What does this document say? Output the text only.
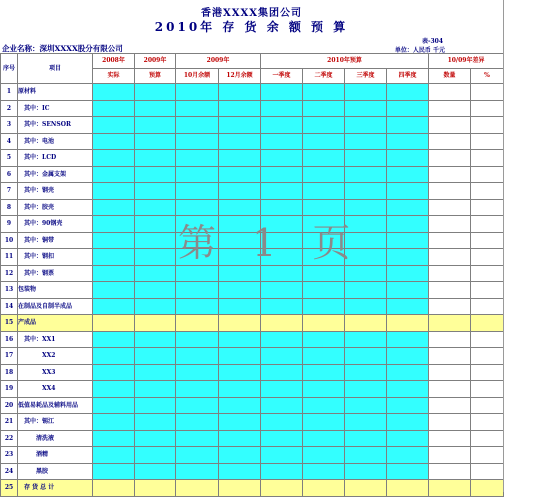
香港XXXX集团公司
2010年 存 货 余 额 预 算
表-304
企业名称：深圳XXXX股分有限公司	单位：人民币 千元
序号	项目	2008年	2009年	2009年		2010年预算				10/09年差异	
		实际	预算	10月余额	12月余额	一季度	二季度	三季度	四季度	数量	%
1	原材料										
2	　其中：IC										
3	　其中：SENSOR										
4	　其中：电池										
5	　其中：LCD										
6	　其中：金属支架										
7	　其中：钢壳										
8	　其中：胶壳										
9	　其中：90钢壳										
10	　其中：铜带										
11	　其中：钢扣										
12	　其中：钢票										
13	包装物										
14	在制品及自制半成品										
15	产成品										
16	　其中：XX1										
17	　　　　XX2										
18	　　　　XX3										
19	　　　　XX4										
20	低值易耗品及辅料用品										
21	　其中：锡江										
22	　　　清洗液										
23	　　　酒精										
24	　　　黑胶										
25	　存 货 总 计										
第 1 页
